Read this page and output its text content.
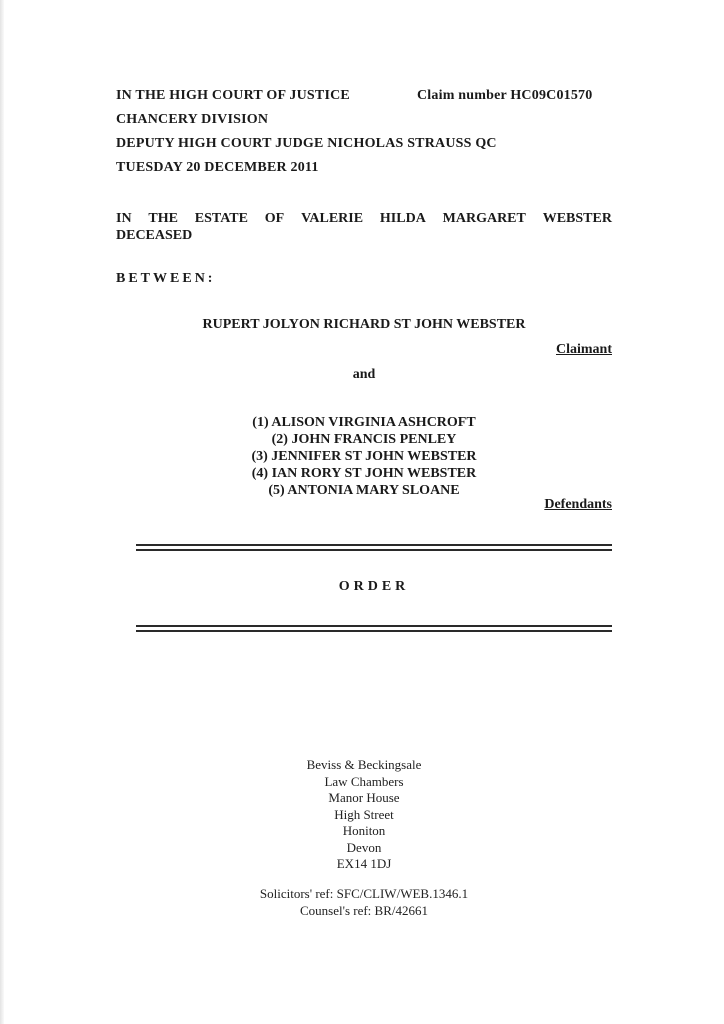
IN THE HIGH COURT OF JUSTICE	Claim number HC09C01570
CHANCERY DIVISION
DEPUTY HIGH COURT JUDGE NICHOLAS STRAUSS QC
TUESDAY 20 DECEMBER 2011
IN THE ESTATE OF VALERIE HILDA MARGARET WEBSTER
DECEASED
BETWEEN:
RUPERT JOLYON RICHARD ST JOHN WEBSTER
Claimant
and
(1) ALISON VIRGINIA ASHCROFT
(2) JOHN FRANCIS PENLEY
(3) JENNIFER ST JOHN WEBSTER
(4) IAN RORY ST JOHN WEBSTER
(5) ANTONIA MARY SLOANE
Defendants
ORDER
Beviss & Beckingsale
Law Chambers
Manor House
High Street
Honiton
Devon
EX14 1DJ
Solicitors' ref: SFC/CLIW/WEB.1346.1
Counsel's ref: BR/42661
